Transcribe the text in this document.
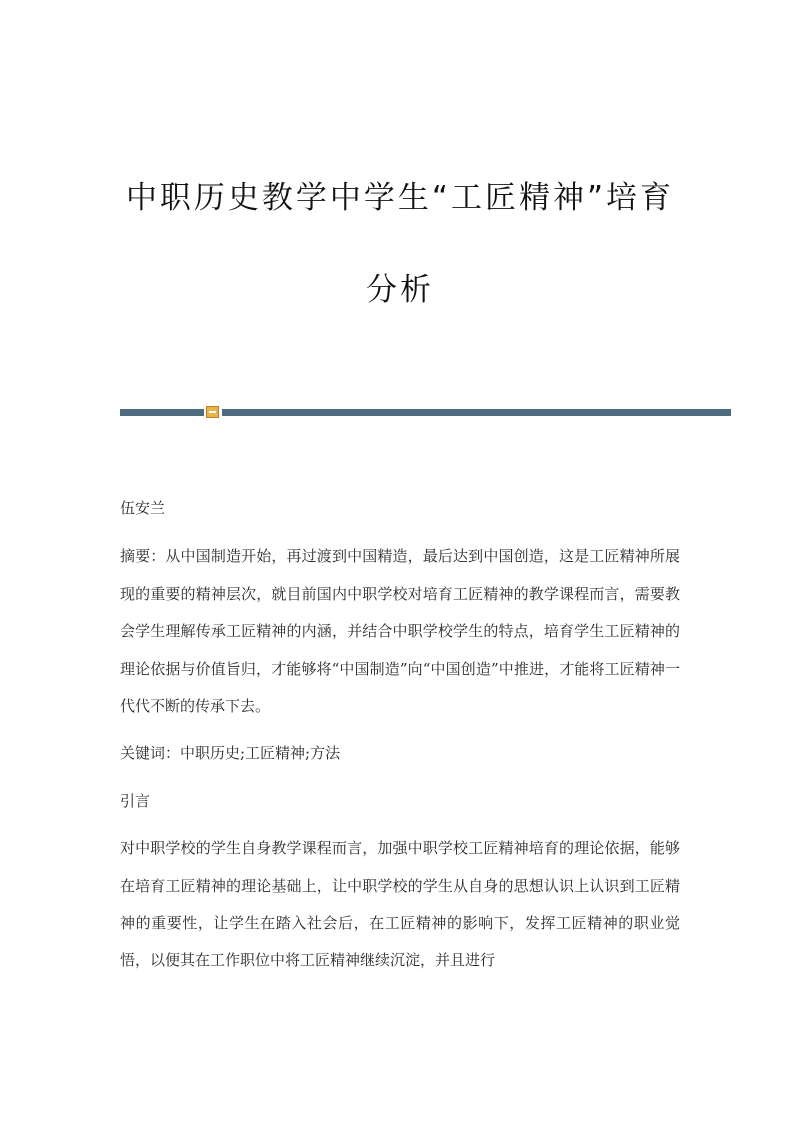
中职历史教学中学生“工匠精神”培育
分析

伍安兰

摘要：从中国制造开始，再过渡到中国精造，最后达到中国创造，这是工匠精神所展现的重要的精神层次，就目前国内中职学校对培育工匠精神的教学课程而言，需要教会学生理解传承工匠精神的内涵，并结合中职学校学生的特点，培育学生工匠精神的理论依据与价值旨归，才能够将“中国制造”向“中国创造”中推进，才能将工匠精神一代代不断的传承下去。

关键词：中职历史;工匠精神;方法

引言

对中职学校的学生自身教学课程而言，加强中职学校工匠精神培育的理论依据，能够在培育工匠精神的理论基础上，让中职学校的学生从自身的思想认识上认识到工匠精神的重要性，让学生在踏入社会后，在工匠精神的影响下，发挥工匠精神的职业觉悟，以便其在工作职位中将工匠精神继续沉淀，并且进行
